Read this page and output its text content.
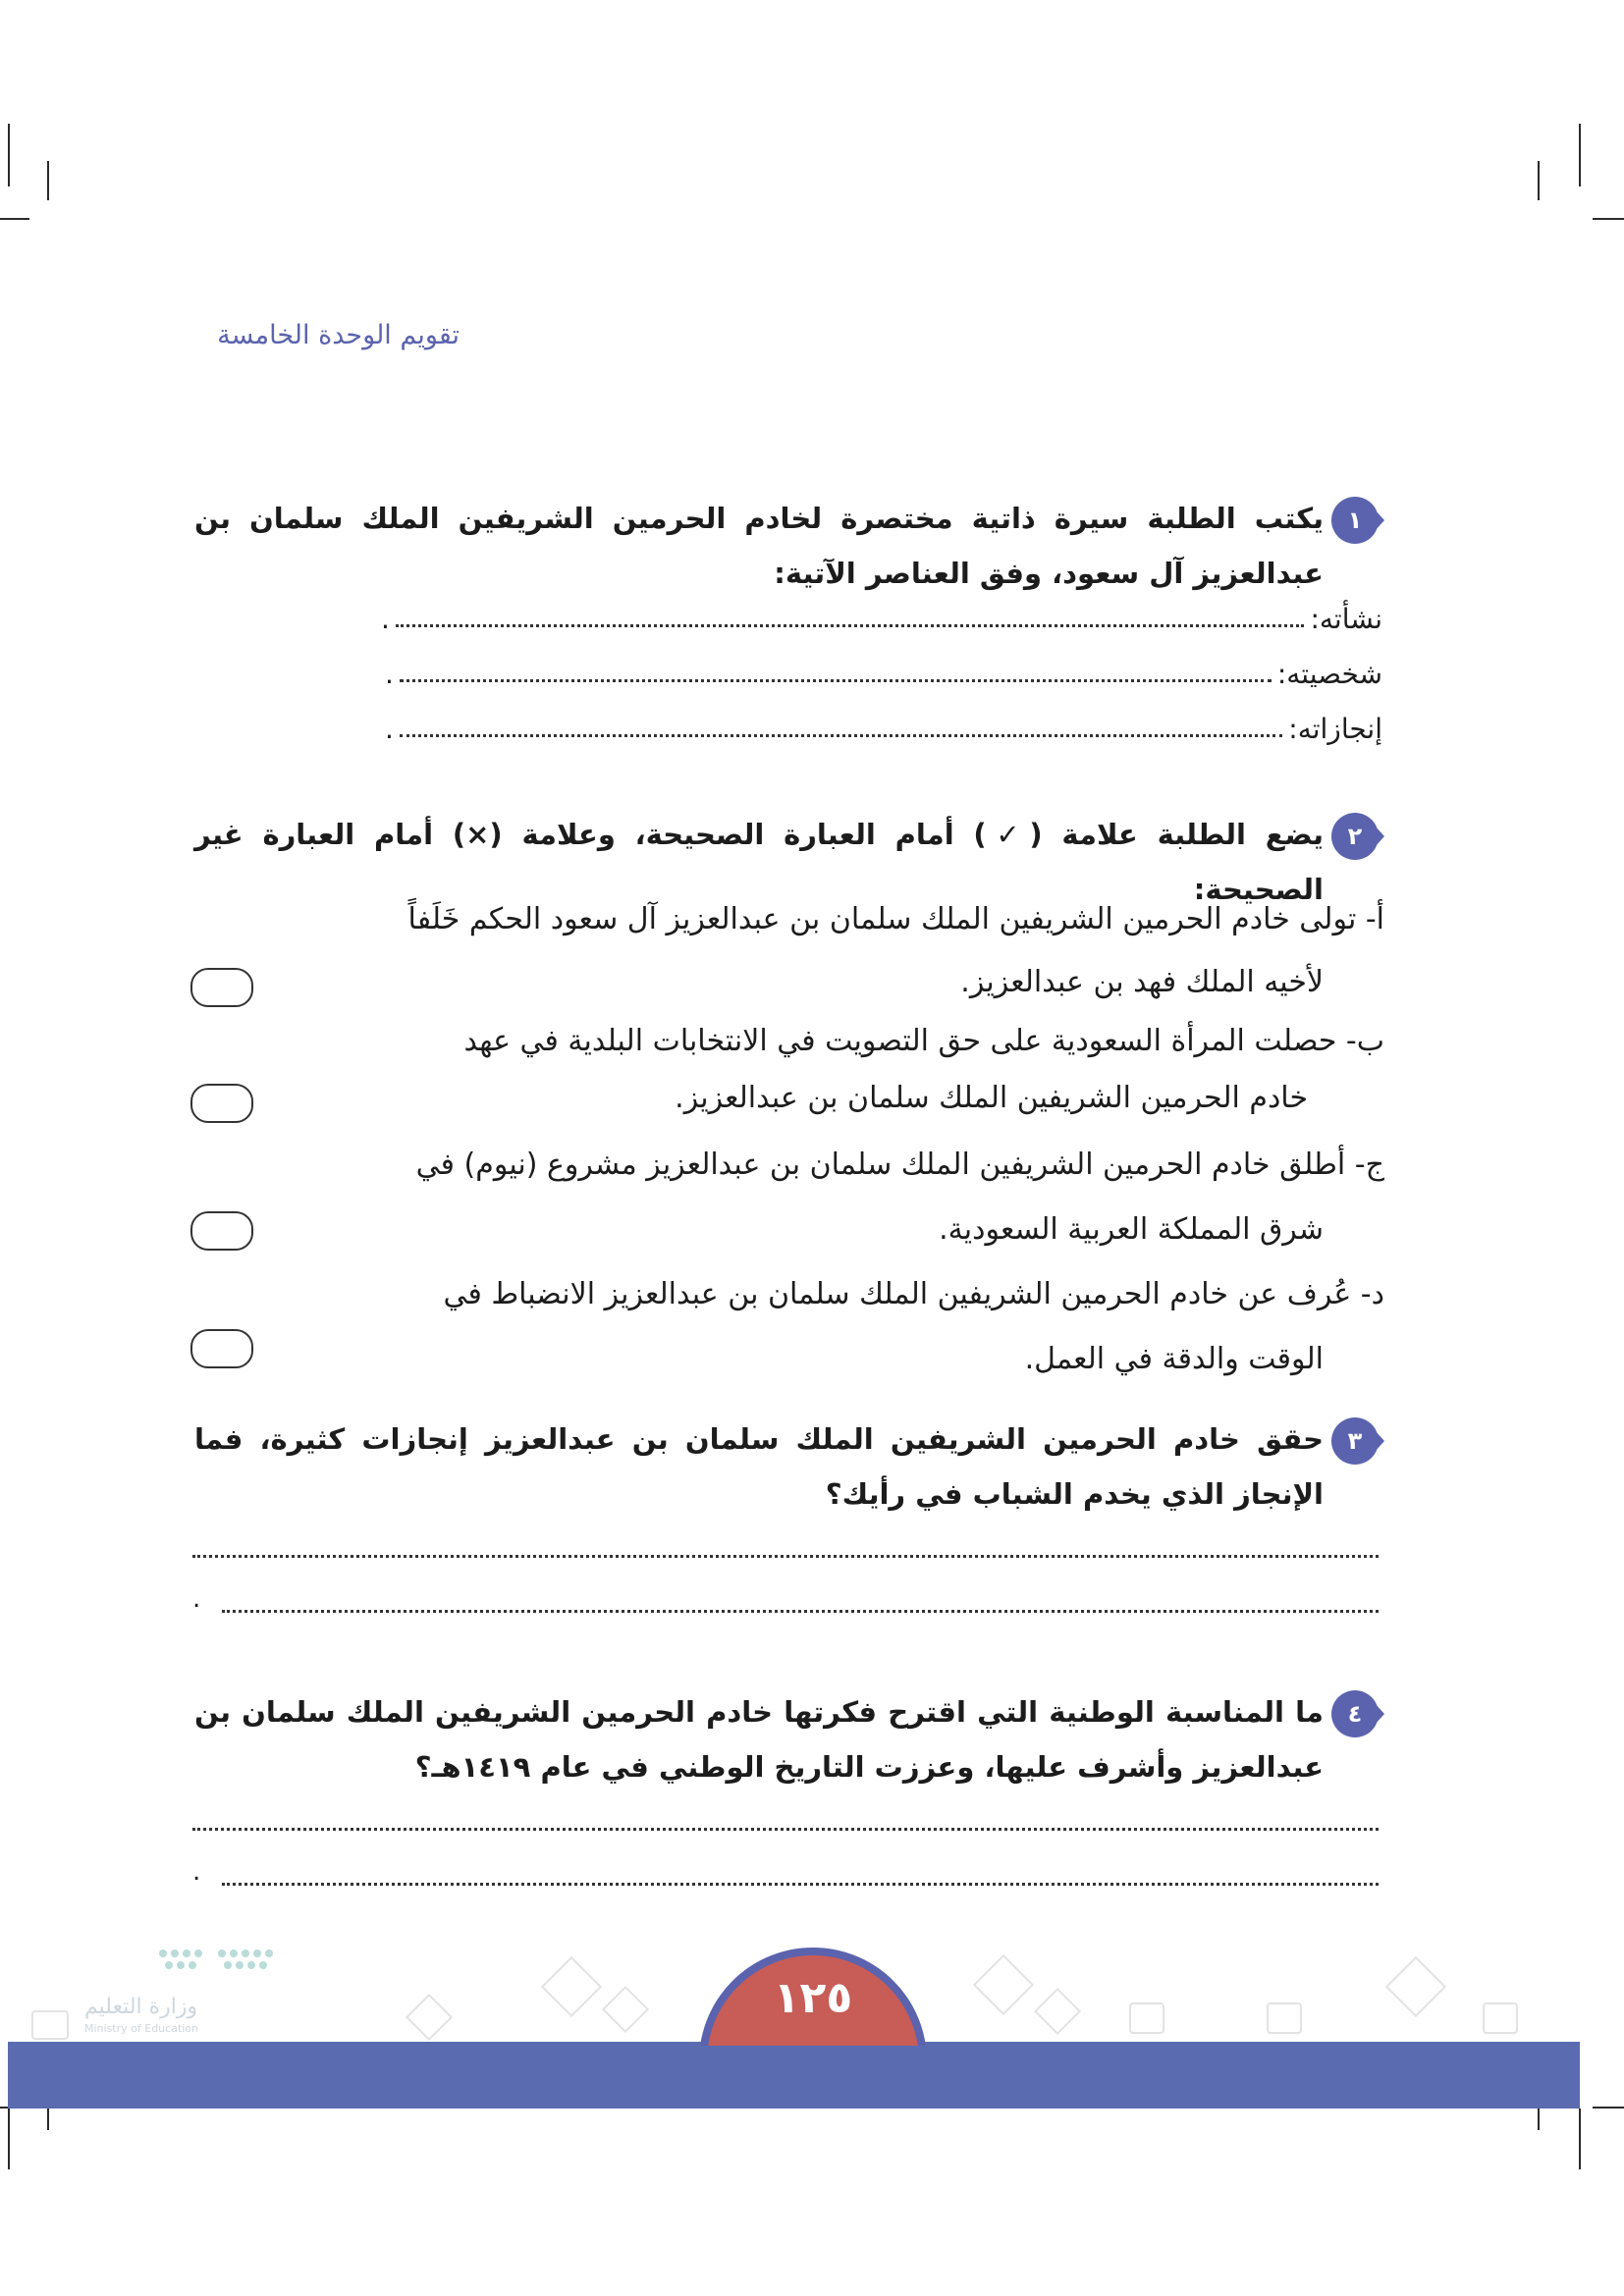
تقويم الوحدة الخامسة
١
يكتب الطلبة سيرة ذاتية مختصرة لخادم الحرمين الشريفين الملك سلمان بن عبدالعزيز آل سعود، وفق العناصر الآتية:
نشأته:
.
شخصيته:
.
إنجازاته:
.
٢
يضع الطلبة علامة (✓) أمام العبارة الصحيحة، وعلامة (×) أمام العبارة غير الصحيحة:
أ- تولى خادم الحرمين الشريفين الملك سلمان بن عبدالعزيز آل سعود الحكم خَلَفاً
لأخيه الملك فهد بن عبدالعزيز.
ب- حصلت المرأة السعودية على حق التصويت في الانتخابات البلدية في عهد
خادم الحرمين الشريفين الملك سلمان بن عبدالعزيز.
ج- أطلق خادم الحرمين الشريفين الملك سلمان بن عبدالعزيز مشروع (نيوم) في
شرق المملكة العربية السعودية.
د- عُرف عن خادم الحرمين الشريفين الملك سلمان بن عبدالعزيز الانضباط في
الوقت والدقة في العمل.
٣
حقق خادم الحرمين الشريفين الملك سلمان بن عبدالعزيز إنجازات كثيرة، فما الإنجاز الذي يخدم الشباب في رأيك؟
.
٤
ما المناسبة الوطنية التي اقترح فكرتها خادم الحرمين الشريفين الملك سلمان بن عبدالعزيز وأشرف عليها، وعززت التاريخ الوطني في عام ١٤١٩هـ؟
.
وزارة التعليم
Ministry of Education
١٢٥
